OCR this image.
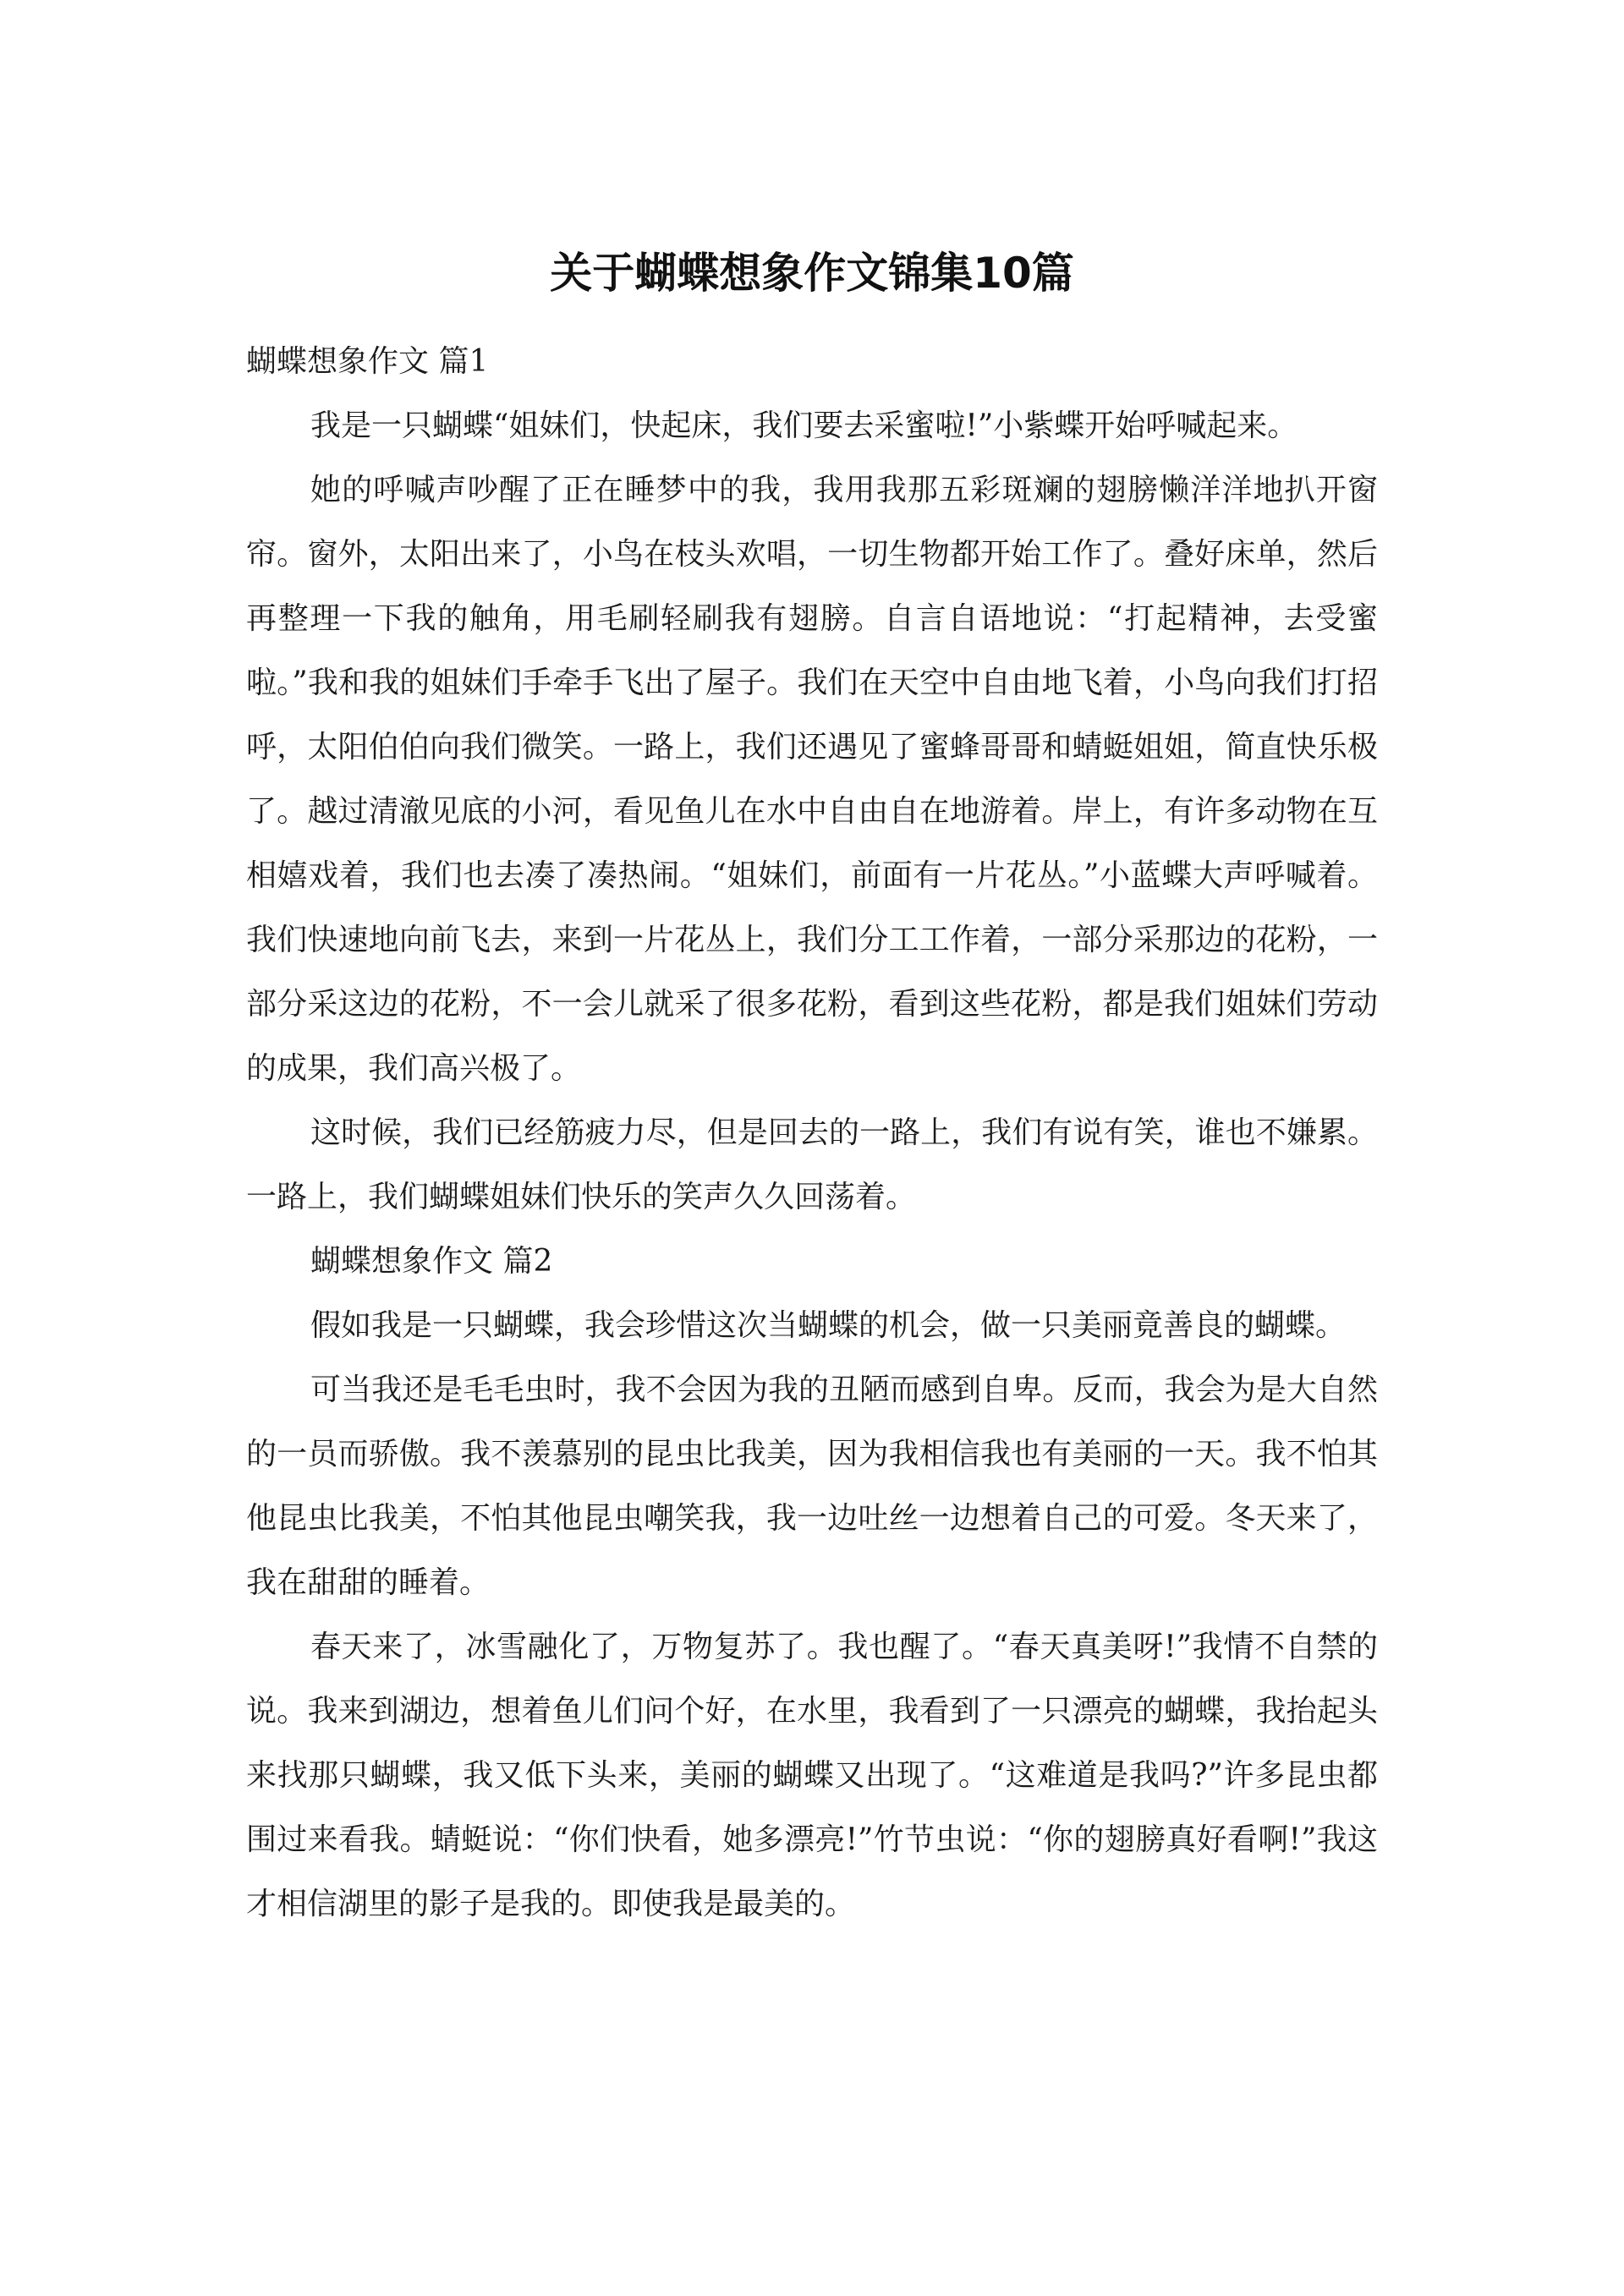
关于蝴蝶想象作文锦集10篇

蝴蝶想象作文 篇1

我是一只蝴蝶“姐妹们，快起床，我们要去采蜜啦!”小紫蝶开始呼喊起来。

她的呼喊声吵醒了正在睡梦中的我，我用我那五彩斑斓的翅膀懒洋洋地扒开窗帘。窗外，太阳出来了，小鸟在枝头欢唱，一切生物都开始工作了。叠好床单，然后再整理一下我的触角，用毛刷轻刷我有翅膀。自言自语地说：“打起精神，去受蜜啦。”我和我的姐妹们手牵手飞出了屋子。我们在天空中自由地飞着，小鸟向我们打招呼，太阳伯伯向我们微笑。一路上，我们还遇见了蜜蜂哥哥和蜻蜓姐姐，简直快乐极了。越过清澈见底的小河，看见鱼儿在水中自由自在地游着。岸上，有许多动物在互相嬉戏着，我们也去凑了凑热闹。“姐妹们，前面有一片花丛。”小蓝蝶大声呼喊着。我们快速地向前飞去，来到一片花丛上，我们分工工作着，一部分采那边的花粉，一部分采这边的花粉，不一会儿就采了很多花粉，看到这些花粉，都是我们姐妹们劳动的成果，我们高兴极了。

这时候，我们已经筋疲力尽，但是回去的一路上，我们有说有笑，谁也不嫌累。一路上，我们蝴蝶姐妹们快乐的笑声久久回荡着。

蝴蝶想象作文 篇2

假如我是一只蝴蝶，我会珍惜这次当蝴蝶的机会，做一只美丽竟善良的蝴蝶。

可当我还是毛毛虫时，我不会因为我的丑陋而感到自卑。反而，我会为是大自然的一员而骄傲。我不羡慕别的昆虫比我美，因为我相信我也有美丽的一天。我不怕其他昆虫比我美，不怕其他昆虫嘲笑我，我一边吐丝一边想着自己的可爱。冬天来了，我在甜甜的睡着。

春天来了，冰雪融化了，万物复苏了。我也醒了。“春天真美呀!”我情不自禁的说。我来到湖边，想着鱼儿们问个好，在水里，我看到了一只漂亮的蝴蝶，我抬起头来找那只蝴蝶，我又低下头来，美丽的蝴蝶又出现了。“这难道是我吗?”许多昆虫都围过来看我。蜻蜓说：“你们快看，她多漂亮!”竹节虫说：“你的翅膀真好看啊!”我这才相信湖里的影子是我的。即使我是最美的。
